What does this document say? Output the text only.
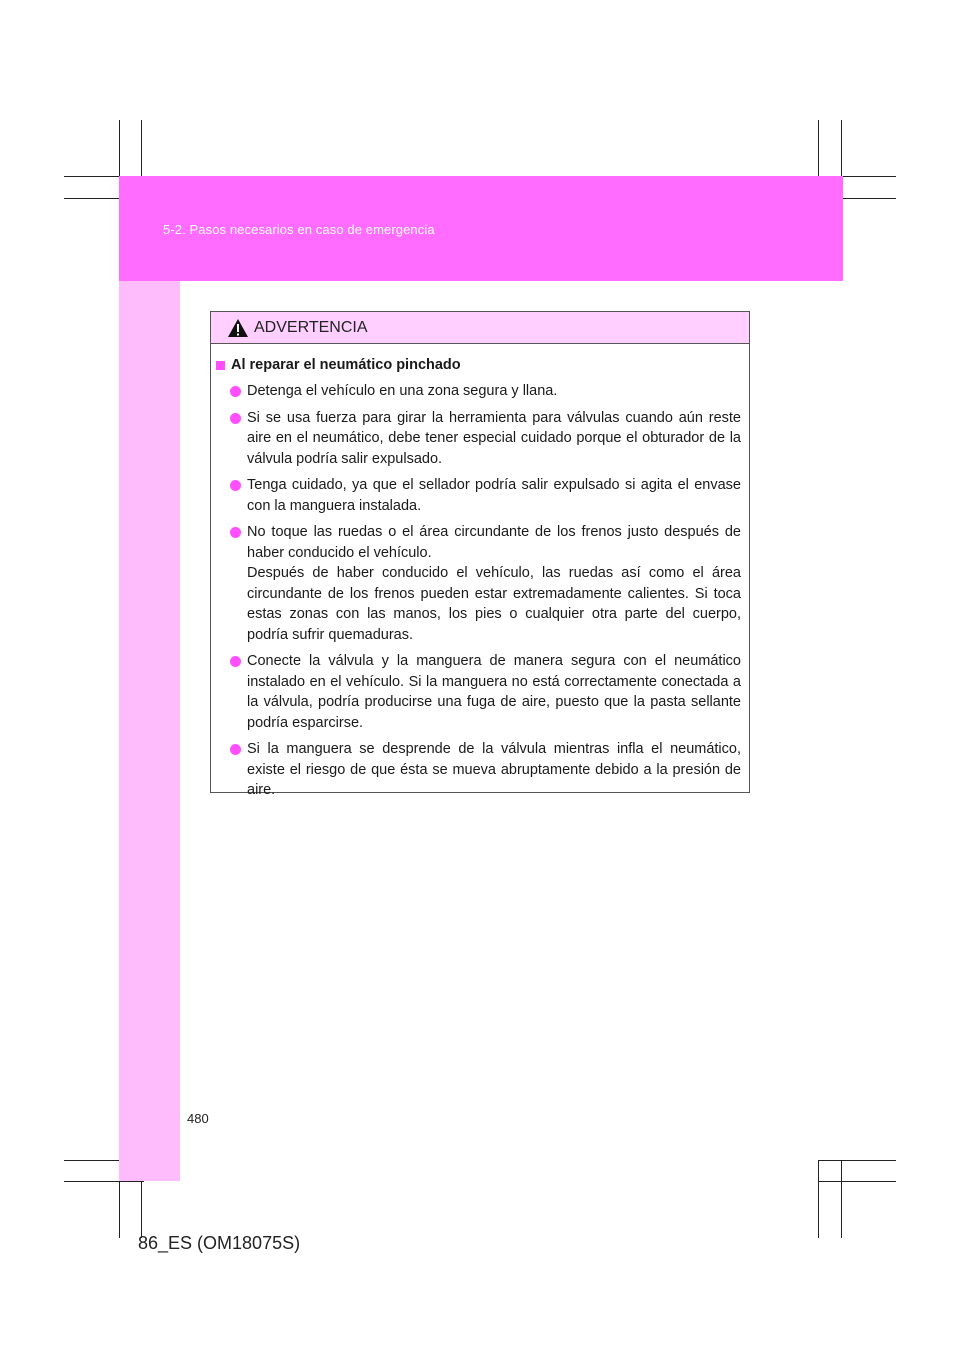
5-2. Pasos necesarios en caso de emergencia
ADVERTENCIA
Al reparar el neumático pinchado

Detenga el vehículo en una zona segura y llana.

Si se usa fuerza para girar la herramienta para válvulas cuando aún reste aire en el neumático, debe tener especial cuidado porque el obturador de la válvula podría salir expulsado.

Tenga cuidado, ya que el sellador podría salir expulsado si agita el envase con la manguera instalada.

No toque las ruedas o el área circundante de los frenos justo después de haber conducido el vehículo.

Después de haber conducido el vehículo, las ruedas así como el área circundante de los frenos pueden estar extremadamente calientes. Si toca estas zonas con las manos, los pies o cualquier otra parte del cuerpo, podría sufrir quemaduras.

Conecte la válvula y la manguera de manera segura con el neumático instalado en el vehículo. Si la manguera no está correctamente conectada a la válvula, podría producirse una fuga de aire, puesto que la pasta sellante podría esparcirse.

Si la manguera se desprende de la válvula mientras infla el neumático, existe el riesgo de que ésta se mueva abruptamente debido a la presión de aire.

480
86_ES (OM18075S)
